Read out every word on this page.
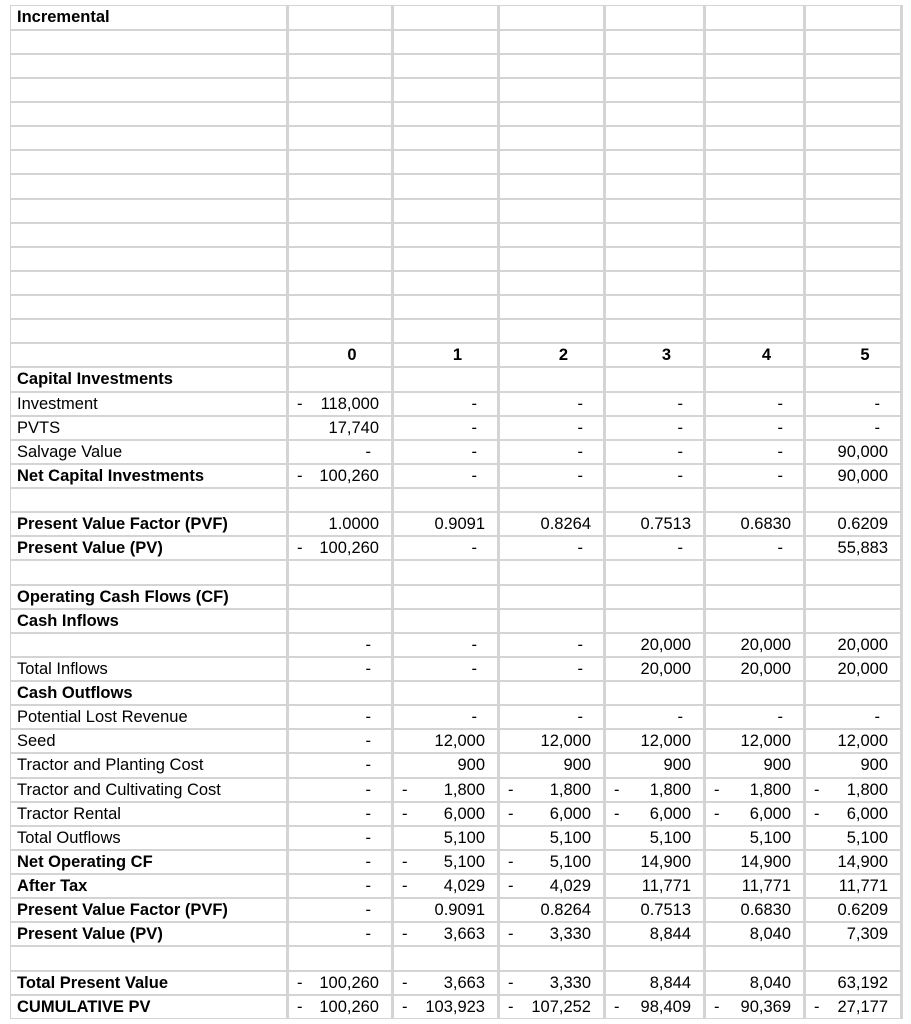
Incremental						

	0	1	2	3	4	5
Capital Investments						
Investment	- 118,000	-	-	-	-	-
PVTS	17,740	-	-	-	-	-
Salvage Value	-	-	-	-	-	90,000
Net Capital Investments	- 100,260	-	-	-	-	90,000

Present Value Factor (PVF)	1.0000	0.9091	0.8264	0.7513	0.6830	0.6209
Present Value (PV)	- 100,260	-	-	-	-	55,883

Operating Cash Flows (CF)						
Cash Inflows						
	-	-	-	20,000	20,000	20,000
Total Inflows	-	-	-	20,000	20,000	20,000
Cash Outflows						
Potential Lost Revenue	-	-	-	-	-	-
Seed	-	12,000	12,000	12,000	12,000	12,000
Tractor and Planting Cost	-	900	900	900	900	900
Tractor and Cultivating Cost	-	- 1,800	- 1,800	- 1,800	- 1,800	- 1,800
Tractor Rental	-	- 6,000	- 6,000	- 6,000	- 6,000	- 6,000
Total Outflows	-	5,100	5,100	5,100	5,100	5,100
Net Operating CF	-	- 5,100	- 5,100	14,900	14,900	14,900
After Tax	-	- 4,029	- 4,029	11,771	11,771	11,771
Present Value Factor (PVF)	-	0.9091	0.8264	0.7513	0.6830	0.6209
Present Value (PV)	-	- 3,663	- 3,330	8,844	8,040	7,309

Total Present Value	- 100,260	- 3,663	- 3,330	8,844	8,040	63,192
CUMULATIVE PV	- 100,260	- 103,923	- 107,252	- 98,409	- 90,369	- 27,177
